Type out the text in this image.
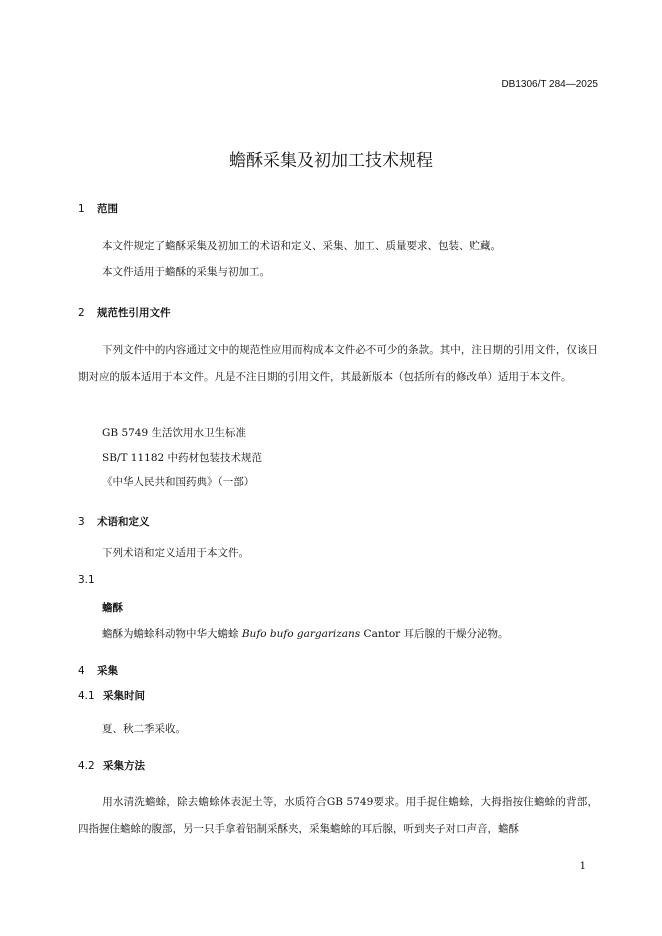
DB1306/T 284—2025
蟾酥采集及初加工技术规程
1 范围
本文件规定了蟾酥采集及初加工的术语和定义、采集、加工、质量要求、包装、贮藏。
本文件适用于蟾酥的采集与初加工。
2 规范性引用文件
下列文件中的内容通过文中的规范性应用而构成本文件必不可少的条款。其中，注日期的引用文件，仅该日期对应的版本适用于本文件。凡是不注日期的引用文件，其最新版本（包括所有的修改单）适用于本文件。
GB 5749 生活饮用水卫生标准
SB/T 11182 中药材包装技术规范
《中华人民共和国药典》（一部）
3 术语和定义
下列术语和定义适用于本文件。
3.1
蟾酥
蟾酥为蟾蜍科动物中华大蟾蜍 Bufo bufo gargarizans Cantor 耳后腺的干燥分泌物。
4 采集
4.1 采集时间
夏、秋二季采收。
4.2 采集方法
用水清洗蟾蜍，除去蟾蜍体表泥土等，水质符合GB 5749要求。用手捉住蟾蜍，大拇指按住蟾蜍的背部，四指握住蟾蜍的腹部，另一只手拿着铝制采酥夹，采集蟾蜍的耳后腺，听到夹子对口声音，蟾酥
1
